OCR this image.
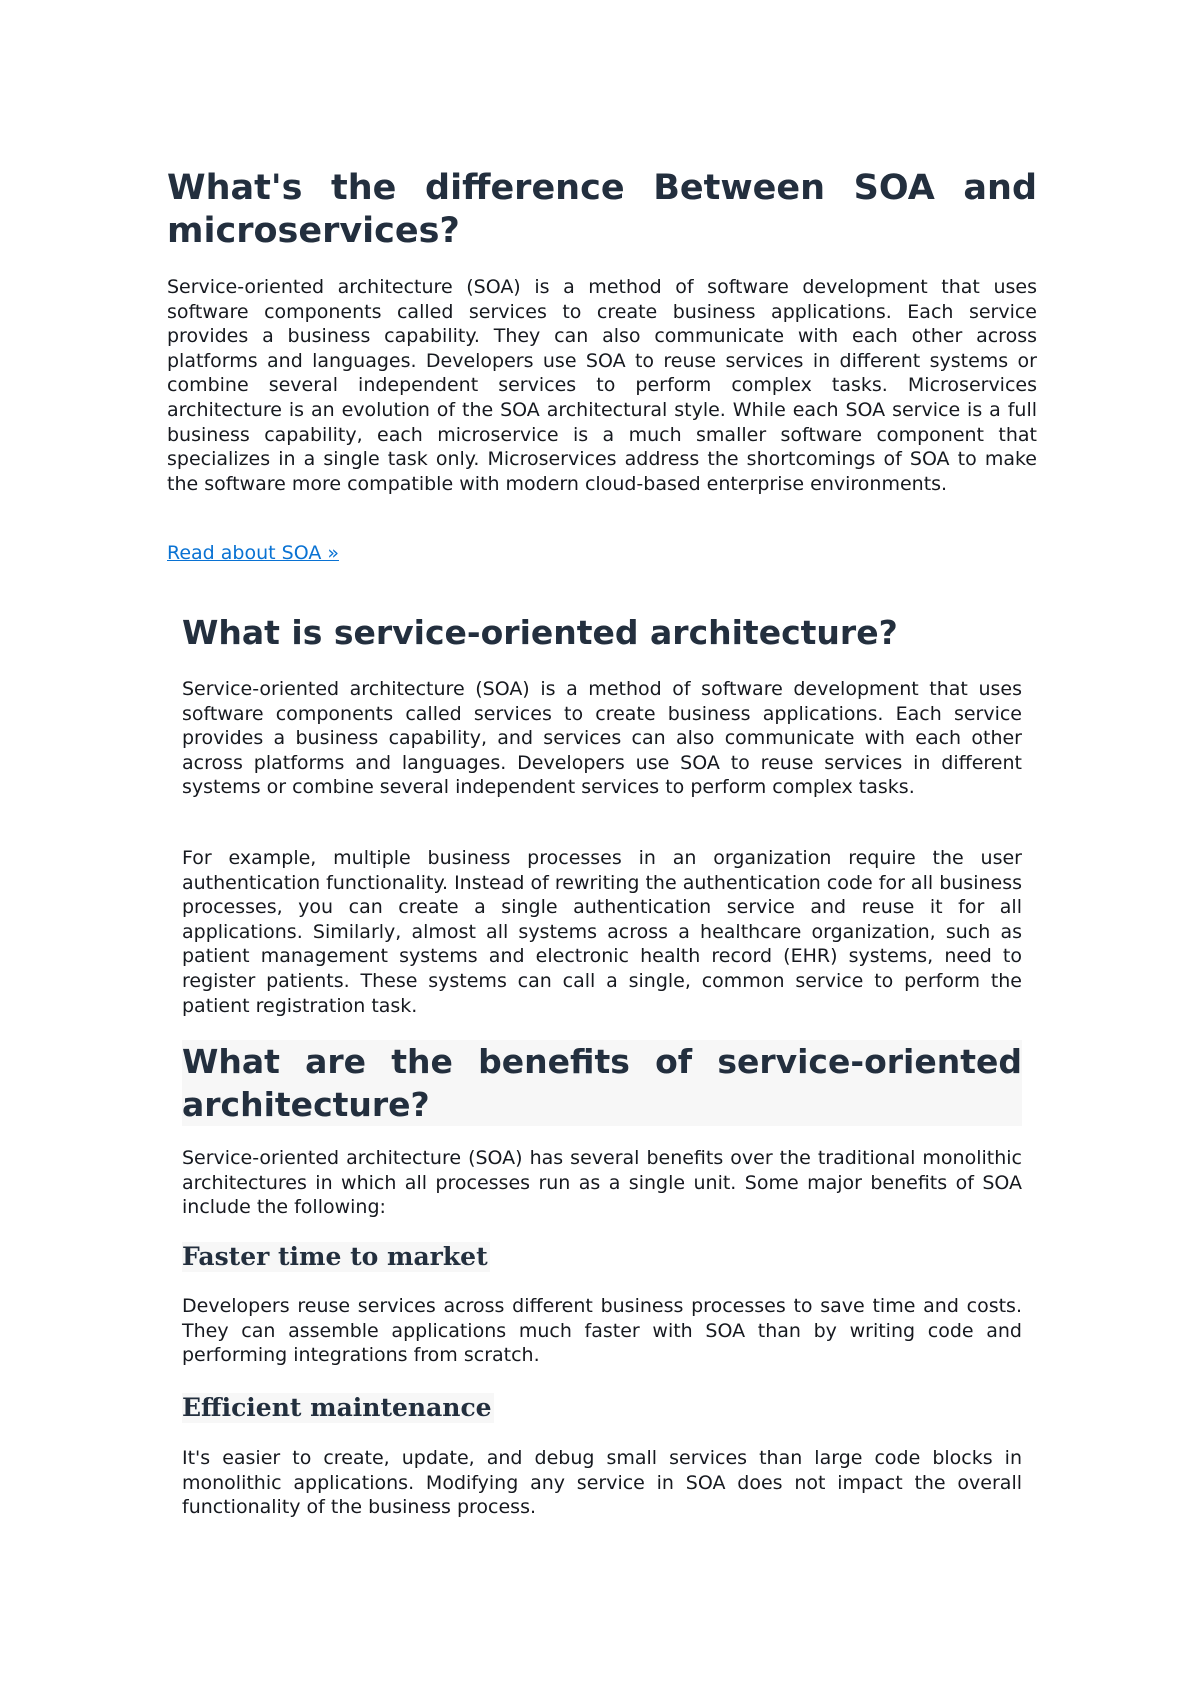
What's the difference Between SOA and microservices?

Service-oriented architecture (SOA) is a method of software development that uses software components called services to create business applications. Each service provides a business capability. They can also communicate with each other across platforms and languages. Developers use SOA to reuse services in different systems or combine several independent services to perform complex tasks. Microservices architecture is an evolution of the SOA architectural style. While each SOA service is a full business capability, each microservice is a much smaller software component that specializes in a single task only. Microservices address the shortcomings of SOA to make the software more compatible with modern cloud-based enterprise environments.

Read about SOA »
What is service-oriented architecture?

Service-oriented architecture (SOA) is a method of software development that uses software components called services to create business applications. Each service provides a business capability, and services can also communicate with each other across platforms and languages. Developers use SOA to reuse services in different systems or combine several independent services to perform complex tasks.

For example, multiple business processes in an organization require the user authentication functionality. Instead of rewriting the authentication code for all business processes, you can create a single authentication service and reuse it for all applications. Similarly, almost all systems across a healthcare organization, such as patient management systems and electronic health record (EHR) systems, need to register patients. These systems can call a single, common service to perform the patient registration task.

What are the benefits of service-oriented architecture?

Service-oriented architecture (SOA) has several benefits over the traditional monolithic architectures in which all processes run as a single unit. Some major benefits of SOA include the following:

Faster time to market

Developers reuse services across different business processes to save time and costs. They can assemble applications much faster with SOA than by writing code and performing integrations from scratch.

Efficient maintenance

It's easier to create, update, and debug small services than large code blocks in monolithic applications. Modifying any service in SOA does not impact the overall functionality of the business process.
